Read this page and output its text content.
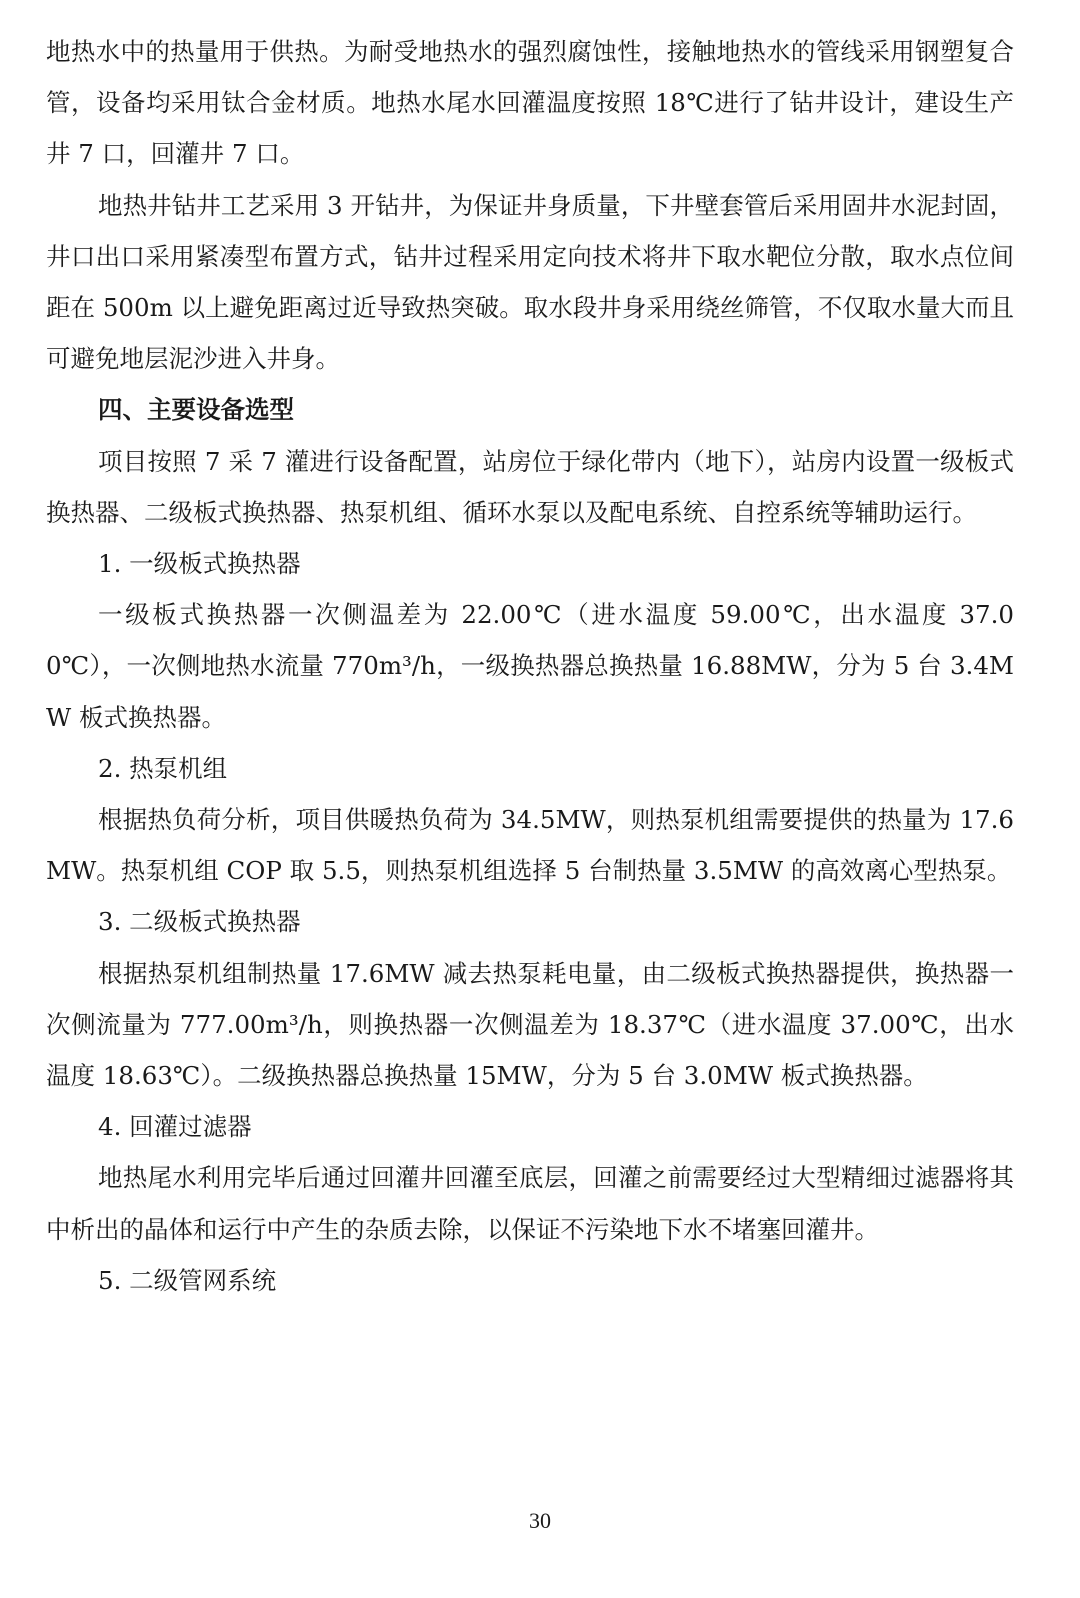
地热水中的热量用于供热。为耐受地热水的强烈腐蚀性，接触地热水的管线采用钢塑复合管，设备均采用钛合金材质。地热水尾水回灌温度按照 18℃进行了钻井设计，建设生产井 7 口，回灌井 7 口。

地热井钻井工艺采用 3 开钻井，为保证井身质量，下井壁套管后采用固井水泥封固，井口出口采用紧凑型布置方式，钻井过程采用定向技术将井下取水靶位分散，取水点位间距在 500m 以上避免距离过近导致热突破。取水段井身采用绕丝筛管，不仅取水量大而且可避免地层泥沙进入井身。

四、主要设备选型

项目按照 7 采 7 灌进行设备配置，站房位于绿化带内（地下），站房内设置一级板式换热器、二级板式换热器、热泵机组、循环水泵以及配电系统、自控系统等辅助运行。

1. 一级板式换热器

一级板式换热器一次侧温差为 22.00℃（进水温度 59.00℃，出水温度 37.00℃），一次侧地热水流量 770m³/h，一级换热器总换热量 16.88MW，分为 5 台 3.4MW 板式换热器。

2. 热泵机组

根据热负荷分析，项目供暖热负荷为 34.5MW，则热泵机组需要提供的热量为 17.6MW。热泵机组 COP 取 5.5，则热泵机组选择 5 台制热量 3.5MW 的高效离心型热泵。

3. 二级板式换热器

根据热泵机组制热量 17.6MW 减去热泵耗电量，由二级板式换热器提供，换热器一次侧流量为 777.00m³/h，则换热器一次侧温差为 18.37℃（进水温度 37.00℃，出水温度 18.63℃）。二级换热器总换热量 15MW，分为 5 台 3.0MW 板式换热器。

4. 回灌过滤器

地热尾水利用完毕后通过回灌井回灌至底层，回灌之前需要经过大型精细过滤器将其中析出的晶体和运行中产生的杂质去除，以保证不污染地下水不堵塞回灌井。

5. 二级管网系统

30
